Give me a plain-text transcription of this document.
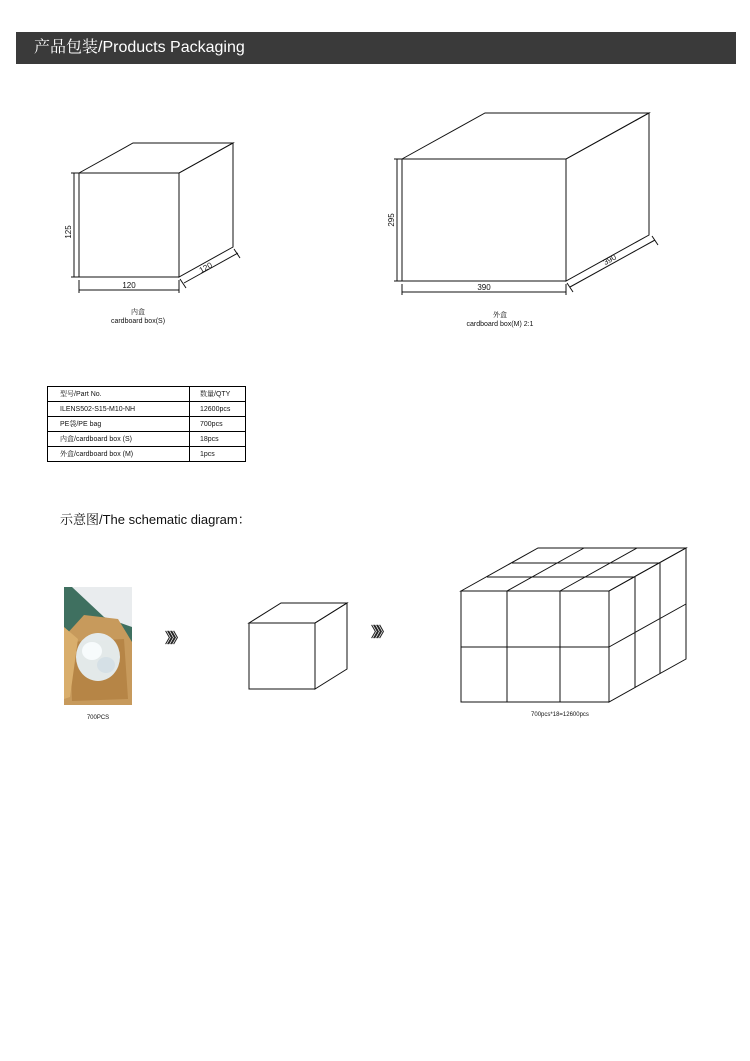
产品包装/Products Packaging
125
120
120
内盒
cardboard box(S)
295
390
390
外盒
cardboard box(M) 2:1
型号/Part No.	数量/QTY
ILENS502-S15-M10-NH	12600pcs
PE袋/PE bag	700pcs
内盒/cardboard box (S)	18pcs
外盒/cardboard box (M)	1pcs
示意图/The schematic diagram：
700PCS
》》》	》》》
700pcs*18=12600pcs
